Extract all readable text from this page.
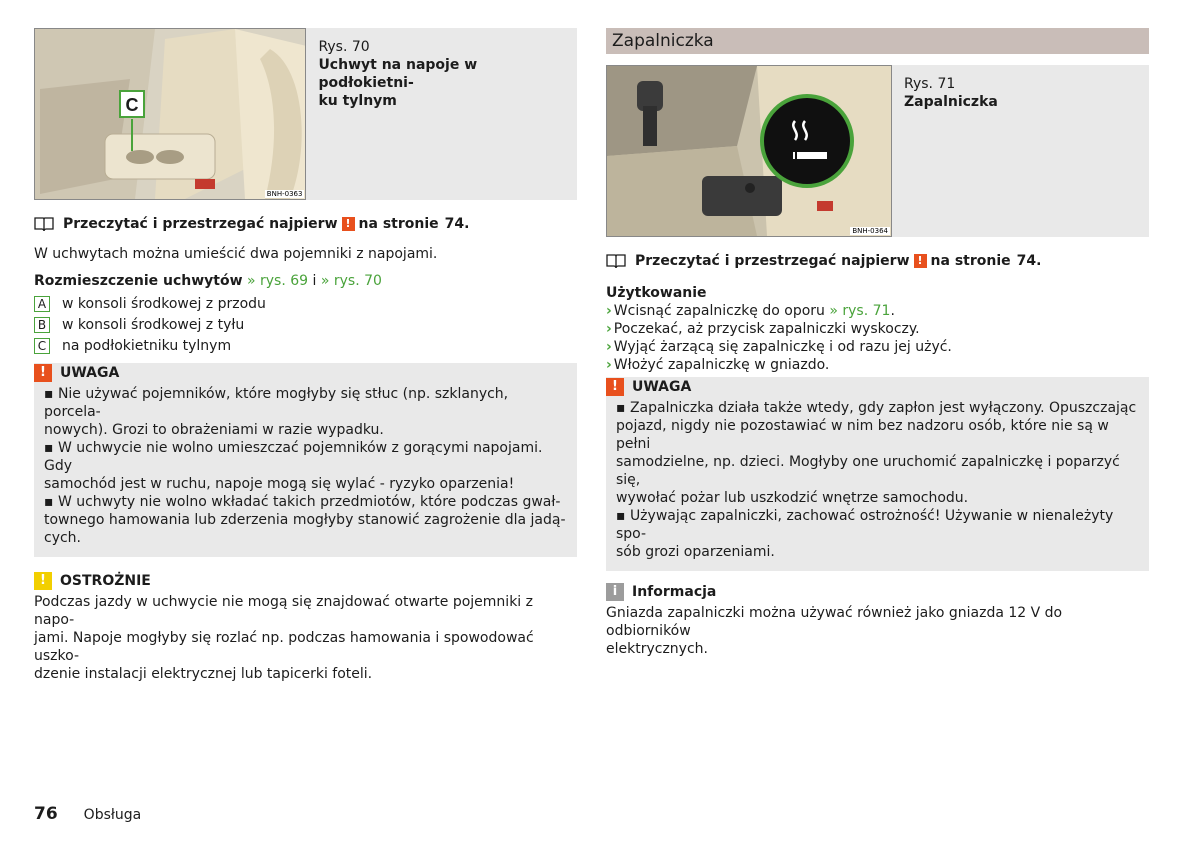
C
BNH-0363
Rys. 70
Uchwyt na napoje w podłokietni-
ku tylnym
Przeczytać i przestrzegać najpierw ! na stronie 74.

W uchwytach można umieścić dwa pojemniki z napojami.

Rozmieszczenie uchwytów » rys. 69 i » rys. 70
A w konsoli środkowej z przodu
B w konsoli środkowej z tyłu
C na podłokietniku tylnym
!	UWAGA
▪ Nie używać pojemników, które mogłyby się stłuc (np. szklanych, porcela-
nowych). Grozi to obrażeniami w razie wypadku.
▪ W uchwycie nie wolno umieszczać pojemników z gorącymi napojami. Gdy
samochód jest w ruchu, napoje mogą się wylać - ryzyko oparzenia!
▪ W uchwyty nie wolno wkładać takich przedmiotów, które podczas gwał-
townego hamowania lub zderzenia mogłyby stanowić zagrożenie dla jadą-
cych.
!	OSTROŻNIE
Podczas jazdy w uchwycie nie mogą się znajdować otwarte pojemniki z napo-
jami. Napoje mogłyby się rozlać np. podczas hamowania i spowodować uszko-
dzenie instalacji elektrycznej lub tapicerki foteli.
Zapalniczka
BNH-0364
Rys. 71
Zapalniczka
Przeczytać i przestrzegać najpierw ! na stronie 74.
Użytkowanie
› Wcisnąć zapalniczkę do oporu » rys. 71.
› Poczekać, aż przycisk zapalniczki wyskoczy.
› Wyjąć żarzącą się zapalniczkę i od razu jej użyć.
› Włożyć zapalniczkę w gniazdo.
!	UWAGA
▪ Zapalniczka działa także wtedy, gdy zapłon jest wyłączony. Opuszczając
pojazd, nigdy nie pozostawiać w nim bez nadzoru osób, które nie są w pełni
samodzielne, np. dzieci. Mogłyby one uruchomić zapalniczkę i poparzyć się,
wywołać pożar lub uszkodzić wnętrze samochodu.
▪ Używając zapalniczki, zachować ostrożność! Używanie w nienależyty spo-
sób grozi oparzeniami.
i	Informacja
Gniazda zapalniczki można używać również jako gniazda 12 V do odbiorników
elektrycznych.
76 Obsługa
